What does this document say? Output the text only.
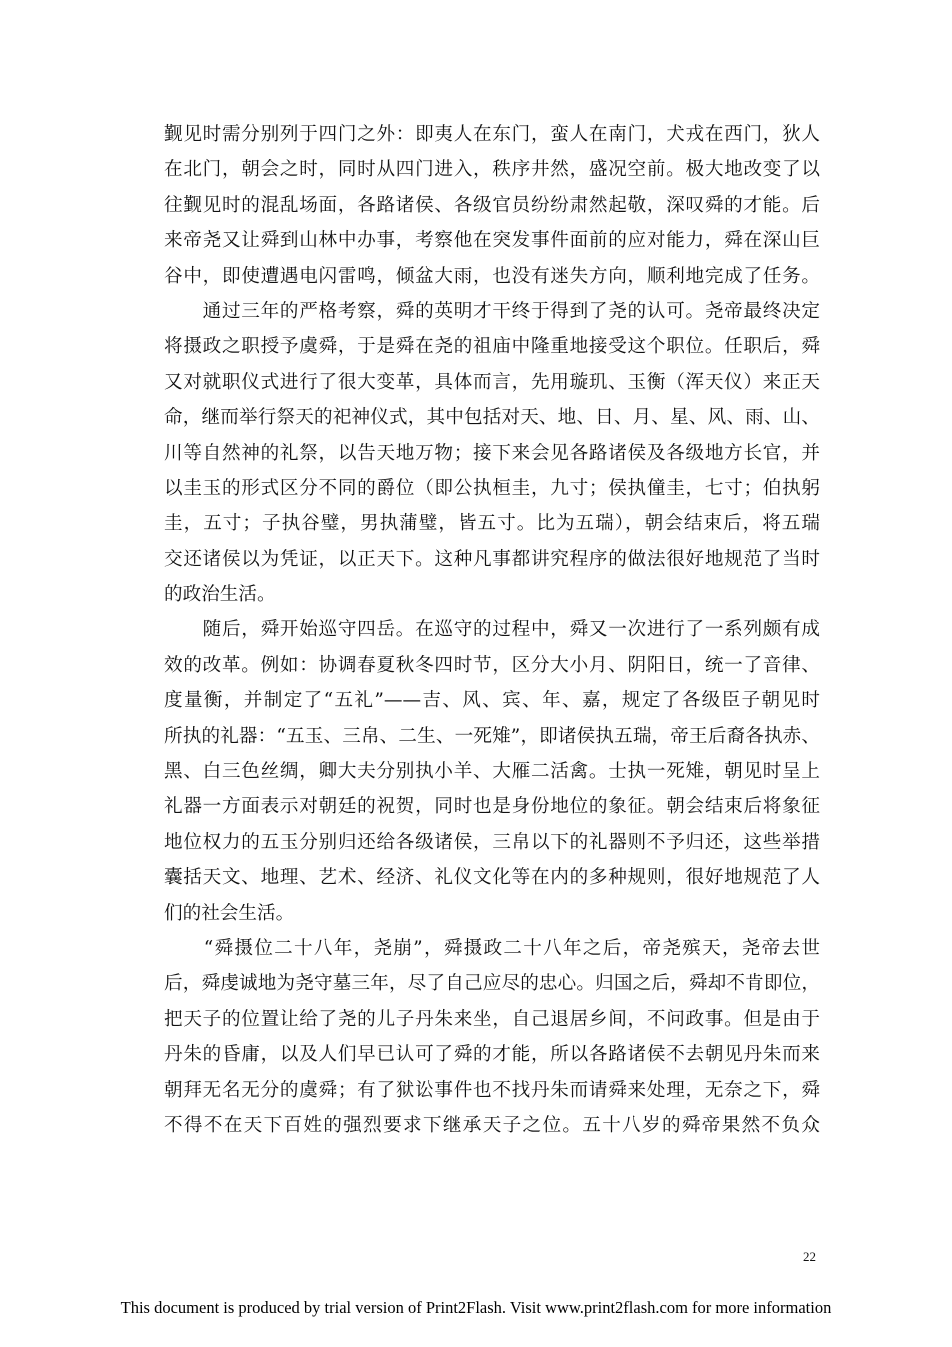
觐见时需分别列于四门之外：即夷人在东门，蛮人在南门，犬戎在西门，狄人
在北门，朝会之时，同时从四门进入，秩序井然，盛况空前。极大地改变了以
往觐见时的混乱场面，各路诸侯、各级官员纷纷肃然起敬，深叹舜的才能。后
来帝尧又让舜到山林中办事，考察他在突发事件面前的应对能力，舜在深山巨
谷中，即使遭遇电闪雷鸣，倾盆大雨，也没有迷失方向，顺利地完成了任务。
　　通过三年的严格考察，舜的英明才干终于得到了尧的认可。尧帝最终决定
将摄政之职授予虞舜，于是舜在尧的祖庙中隆重地接受这个职位。任职后，舜
又对就职仪式进行了很大变革，具体而言，先用璇玑、玉衡（浑天仪）来正天
命，继而举行祭天的祀神仪式，其中包括对天、地、日、月、星、风、雨、山、
川等自然神的礼祭，以告天地万物；接下来会见各路诸侯及各级地方长官，并
以圭玉的形式区分不同的爵位（即公执桓圭，九寸；侯执僮圭，七寸；伯执躬
圭，五寸；子执谷璧，男执蒲璧，皆五寸。比为五瑞），朝会结束后，将五瑞
交还诸侯以为凭证，以正天下。这种凡事都讲究程序的做法很好地规范了当时
的政治生活。
　　随后，舜开始巡守四岳。在巡守的过程中，舜又一次进行了一系列颇有成
效的改革。例如：协调春夏秋冬四时节，区分大小月、阴阳日，统一了音律、
度量衡，并制定了“五礼”——吉、风、宾、年、嘉，规定了各级臣子朝见时
所执的礼器：“五玉、三帛、二生、一死雉”，即诸侯执五瑞，帝王后裔各执赤、
黑、白三色丝绸，卿大夫分别执小羊、大雁二活禽。士执一死雉，朝见时呈上
礼器一方面表示对朝廷的祝贺，同时也是身份地位的象征。朝会结束后将象征
地位权力的五玉分别归还给各级诸侯，三帛以下的礼器则不予归还，这些举措
囊括天文、地理、艺术、经济、礼仪文化等在内的多种规则，很好地规范了人
们的社会生活。
　　“舜摄位二十八年，尧崩”，舜摄政二十八年之后，帝尧殡天，尧帝去世
后，舜虔诚地为尧守墓三年，尽了自己应尽的忠心。归国之后，舜却不肯即位，
把天子的位置让给了尧的儿子丹朱来坐，自己退居乡间，不问政事。但是由于
丹朱的昏庸，以及人们早已认可了舜的才能，所以各路诸侯不去朝见丹朱而来
朝拜无名无分的虞舜；有了狱讼事件也不找丹朱而请舜来处理，无奈之下，舜
不得不在天下百姓的强烈要求下继承天子之位。五十八岁的舜帝果然不负众
22
This document is produced by trial version of Print2Flash. Visit www.print2flash.com for more information
